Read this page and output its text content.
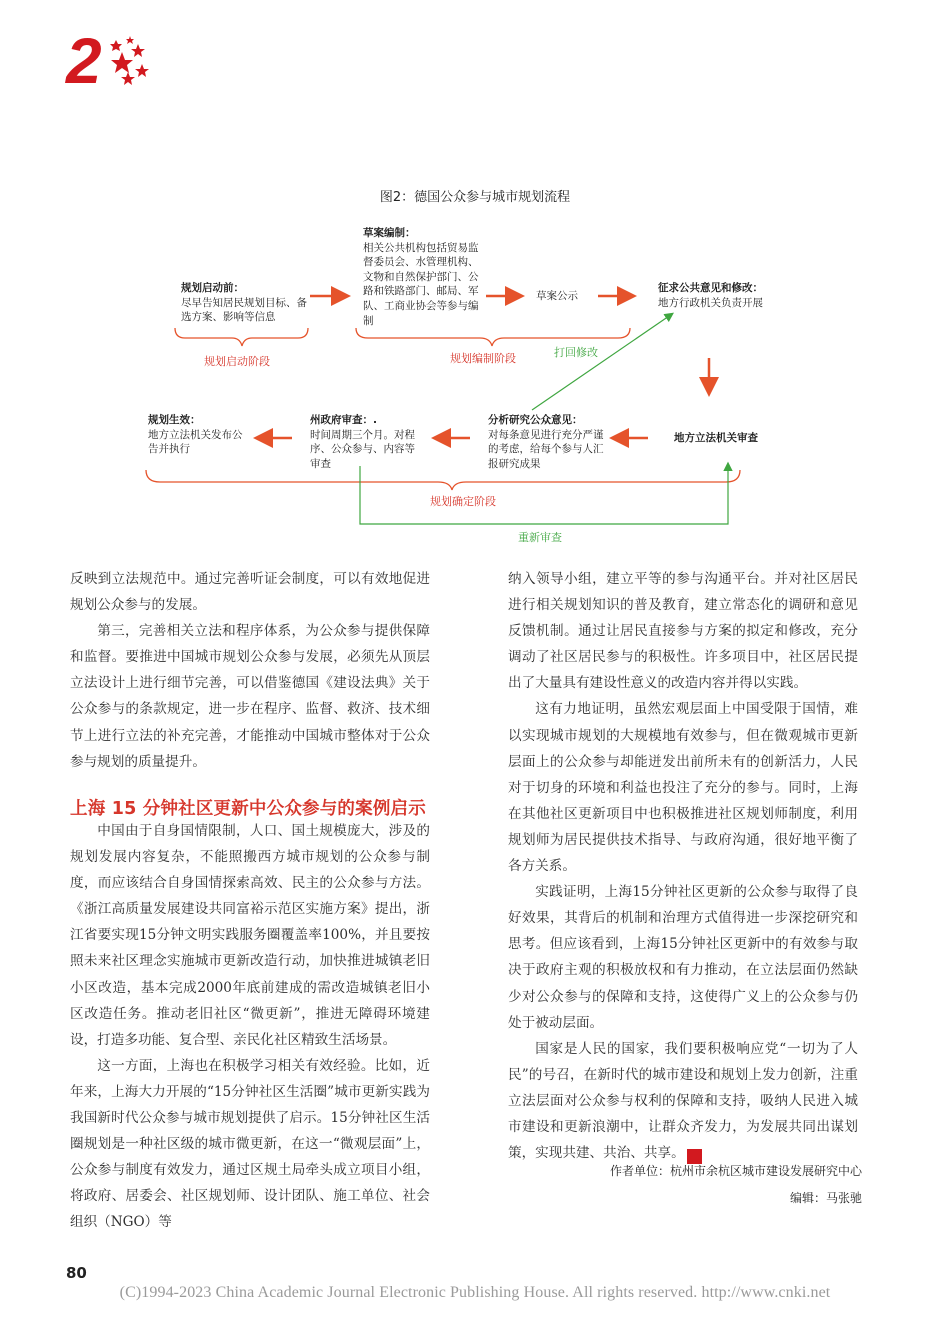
2
图2：德国公众参与城市规划流程
规划启动前：
尽早告知居民规划目标、备选方案、影响等信息
草案编制：
相关公共机构包括贸易监督委员会、水管理机构、文物和自然保护部门、公路和铁路部门、邮局、军队、工商业协会等参与编制
草案公示
征求公共意见和修改：
地方行政机关负责开展
地方立法机关审查
分析研究公众意见：
对每条意见进行充分严谨的考虑，给每个参与人汇报研究成果
州政府审查：.
时间周期三个月。对程序、公众参与、内容等审查
规划生效：
地方立法机关发布公告并执行
规划启动阶段	规划编制阶段
规划确定阶段
打回修改
重新审查

反映到立法规范中。通过完善听证会制度，可以有效地促进规划公众参与的发展。

第三，完善相关立法和程序体系，为公众参与提供保障和监督。要推进中国城市规划公众参与发展，必须先从顶层立法设计上进行细节完善，可以借鉴德国《建设法典》关于公众参与的条款规定，进一步在程序、监督、救济、技术细节上进行立法的补充完善，才能推动中国城市整体对于公众参与规划的质量提升。

上海 15 分钟社区更新中公众参与的案例启示

中国由于自身国情限制，人口、国土规模庞大，涉及的规划发展内容复杂，不能照搬西方城市规划的公众参与制度，而应该结合自身国情探索高效、民主的公众参与方法。《浙江高质量发展建设共同富裕示范区实施方案》提出，浙江省要实现15分钟文明实践服务圈覆盖率100%，并且要按照未来社区理念实施城市更新改造行动，加快推进城镇老旧小区改造，基本完成2000年底前建成的需改造城镇老旧小区改造任务。推动老旧社区“微更新”，推进无障碍环境建设，打造多功能、复合型、亲民化社区精致生活场景。

这一方面，上海也在积极学习相关有效经验。比如，近年来，上海大力开展的“15分钟社区生活圈”城市更新实践为我国新时代公众参与城市规划提供了启示。15分钟社区生活圈规划是一种社区级的城市微更新，在这一“微观层面”上，公众参与制度有效发力，通过区规土局牵头成立项目小组，将政府、居委会、社区规划师、设计团队、施工单位、社会组织（NGO）等

纳入领导小组，建立平等的参与沟通平台。并对社区居民进行相关规划知识的普及教育，建立常态化的调研和意见反馈机制。通过让居民直接参与方案的拟定和修改，充分调动了社区居民参与的积极性。许多项目中，社区居民提出了大量具有建设性意义的改造内容并得以实践。

这有力地证明，虽然宏观层面上中国受限于国情，难以实现城市规划的大规模地有效参与，但在微观城市更新层面上的公众参与却能迸发出前所未有的创新活力，人民对于切身的环境和利益也投注了充分的参与。同时，上海在其他社区更新项目中也积极推进社区规划师制度，利用规划师为居民提供技术指导、与政府沟通，很好地平衡了各方关系。

实践证明，上海15分钟社区更新的公众参与取得了良好效果，其背后的机制和治理方式值得进一步深挖研究和思考。但应该看到，上海15分钟社区更新中的有效参与取决于政府主观的积极放权和有力推动，在立法层面仍然缺少对公众参与的保障和支持，这使得广义上的公众参与仍处于被动层面。

国家是人民的国家，我们要积极响应党“一切为了人民”的号召，在新时代的城市建设和规划上发力创新，注重立法层面对公众参与权利的保障和支持，吸纳人民进入城市建设和更新浪潮中，让群众齐发力，为发展共同出谋划策，实现共建、共治、共享。	城

作者单位：杭州市余杭区城市建设发展研究中心
编辑：马张驰
80
(C)1994-2023 China Academic Journal Electronic Publishing House. All rights reserved. http://www.cnki.net
